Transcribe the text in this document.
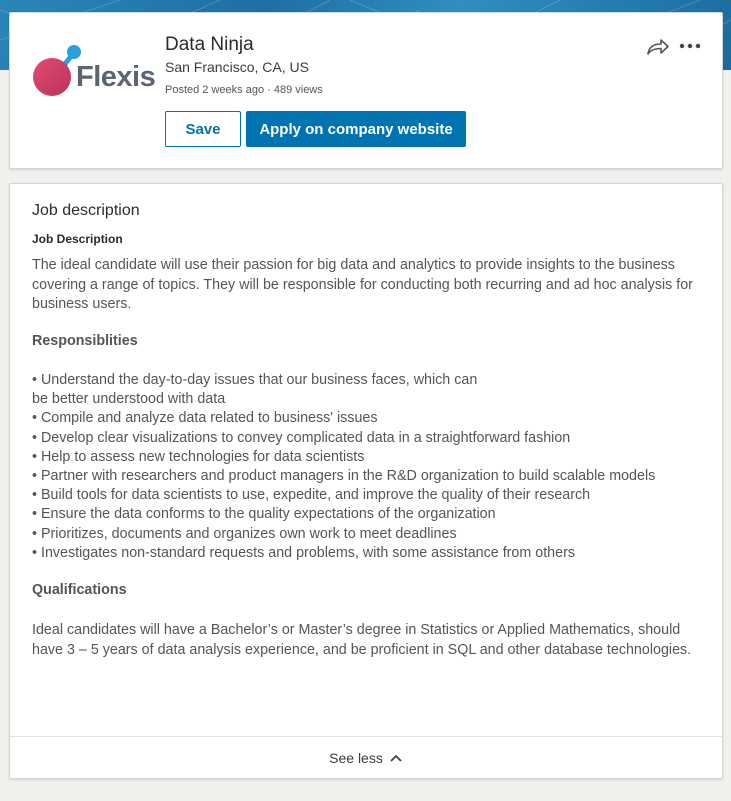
Flexis
Data Ninja
San Francisco, CA, US
Posted 2 weeks ago · 489 views
Save	Apply on company website
Job description
Job Description
The ideal candidate will use their passion for big data and analytics to provide insights to the business covering a range of topics. They will be responsible for conducting both recurring and ad hoc analysis for business users.
Responsiblities
• Understand the day-to-day issues that our business faces, which can
be better understood with data
• Compile and analyze data related to business' issues
• Develop clear visualizations to convey complicated data in a straightforward fashion
• Help to assess new technologies for data scientists
• Partner with researchers and product managers in the R&D organization to build scalable models
• Build tools for data scientists to use, expedite, and improve the quality of their research
• Ensure the data conforms to the quality expectations of the organization
• Prioritizes, documents and organizes own work to meet deadlines
• Investigates non-standard requests and problems, with some assistance from others
Qualifications
Ideal candidates will have a Bachelor’s or Master’s degree in Statistics or Applied Mathematics, should have 3 – 5 years of data analysis experience, and be proficient in SQL and other database technologies.
See less
